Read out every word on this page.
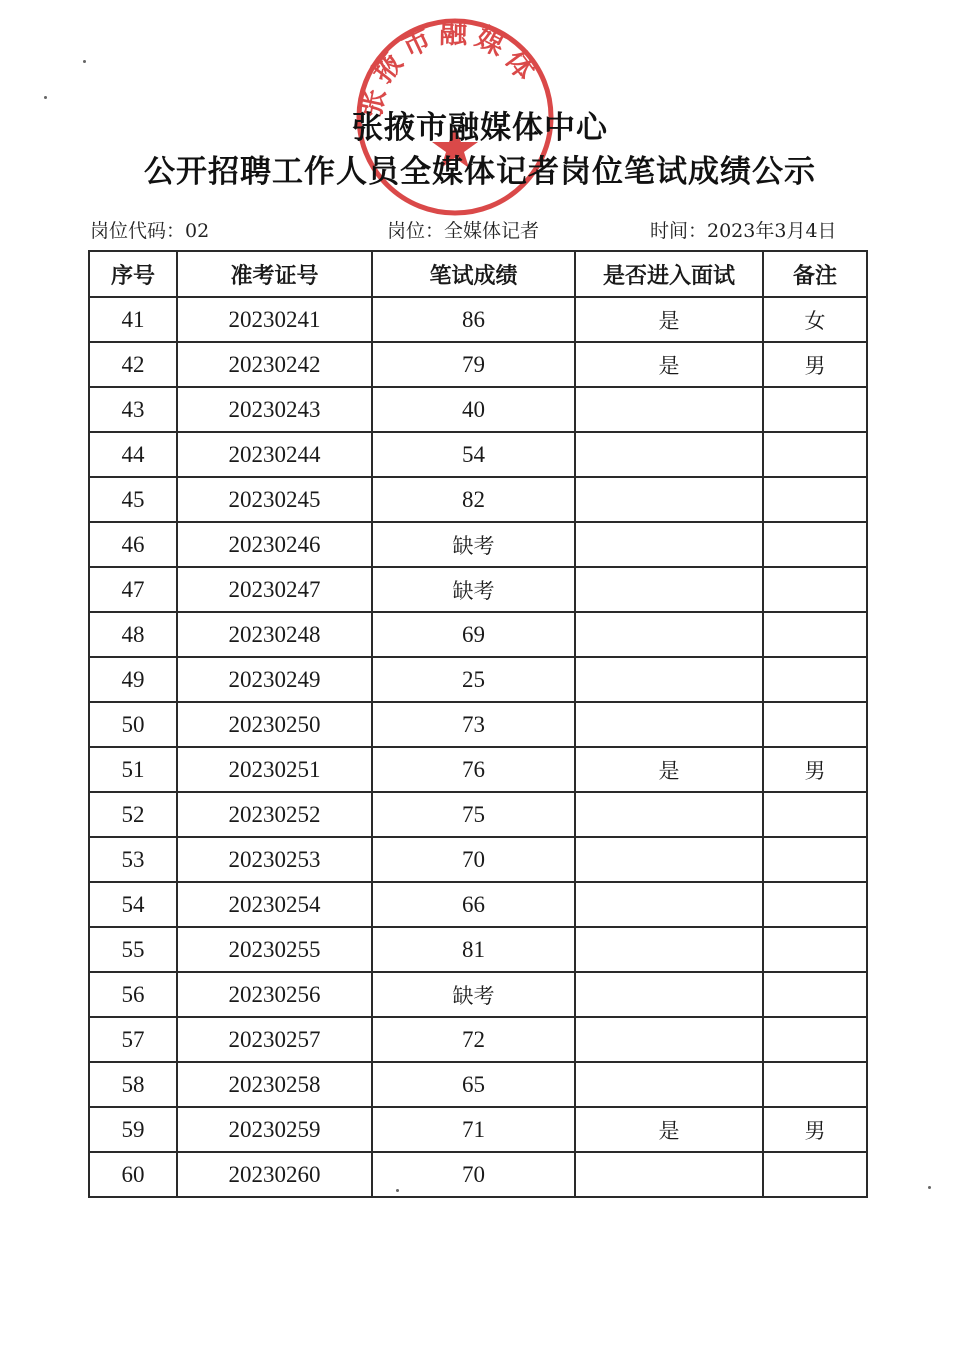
张掖市融媒体
张掖市融媒体中心
公开招聘工作人员全媒体记者岗位笔试成绩公示
岗位代码：02	岗位：全媒体记者	时间：2023年3月4日
序号	准考证号	笔试成绩	是否进入面试	备注
41	20230241	86	是	女
42	20230242	79	是	男
43	20230243	40		
44	20230244	54		
45	20230245	82		
46	20230246	缺考		
47	20230247	缺考		
48	20230248	69		
49	20230249	25		
50	20230250	73		
51	20230251	76	是	男
52	20230252	75		
53	20230253	70		
54	20230254	66		
55	20230255	81		
56	20230256	缺考		
57	20230257	72		
58	20230258	65		
59	20230259	71	是	男
60	20230260	70		
